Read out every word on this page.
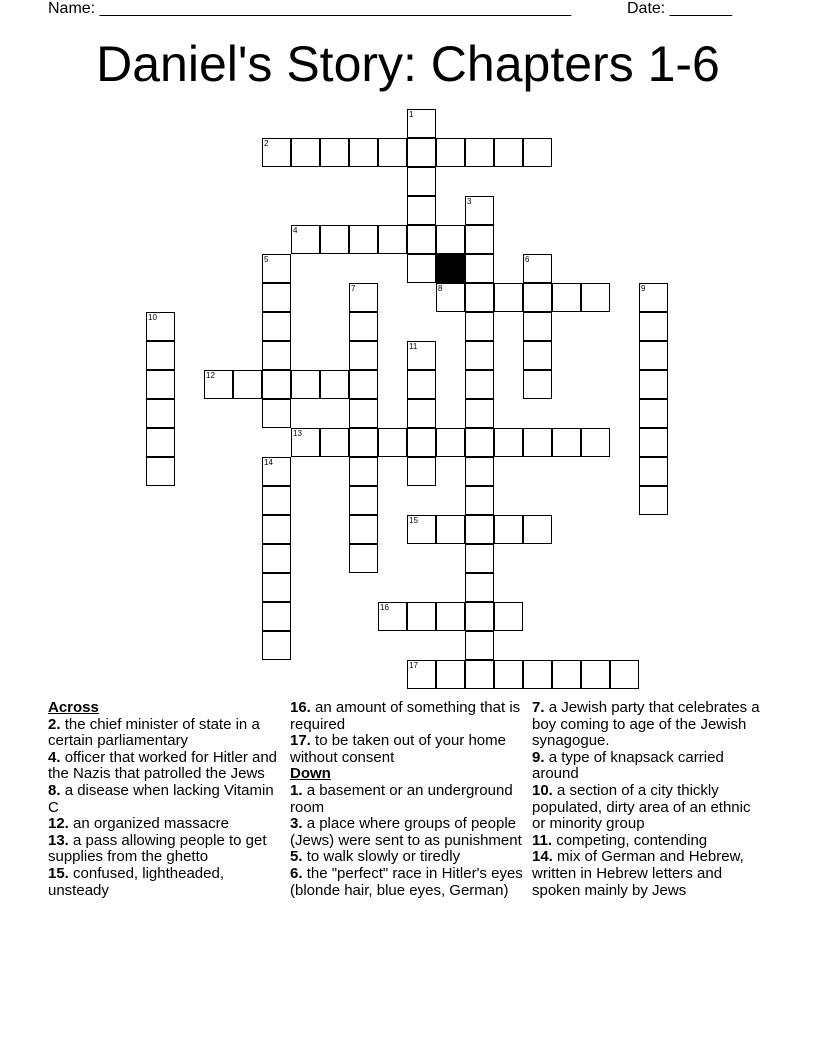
Name: _____________________________________________________	Date: _______
Daniel's Story: Chapters 1-6
1
2
3
4
5	6
7	8	9
10
11
12
13
14
15
16
17

Across

2. the chief minister of state in a certain parliamentary

4. officer that worked for Hitler and the Nazis that patrolled the Jews

8. a disease when lacking Vitamin C

12. an organized massacre

13. a pass allowing people to get supplies from the ghetto

15. confused, lightheaded, unsteady

16. an amount of something that is required

17. to be taken out of your home without consent

Down

1. a basement or an underground room

3. a place where groups of people (Jews) were sent to as punishment

5. to walk slowly or tiredly

6. the "perfect" race in Hitler's eyes (blonde hair, blue eyes, German)

7. a Jewish party that celebrates a boy coming to age of the Jewish synagogue.

9. a type of knapsack carried around

10. a section of a city thickly populated, dirty area of an ethnic or minority group

11. competing, contending

14. mix of German and Hebrew, written in Hebrew letters and spoken mainly by Jews
